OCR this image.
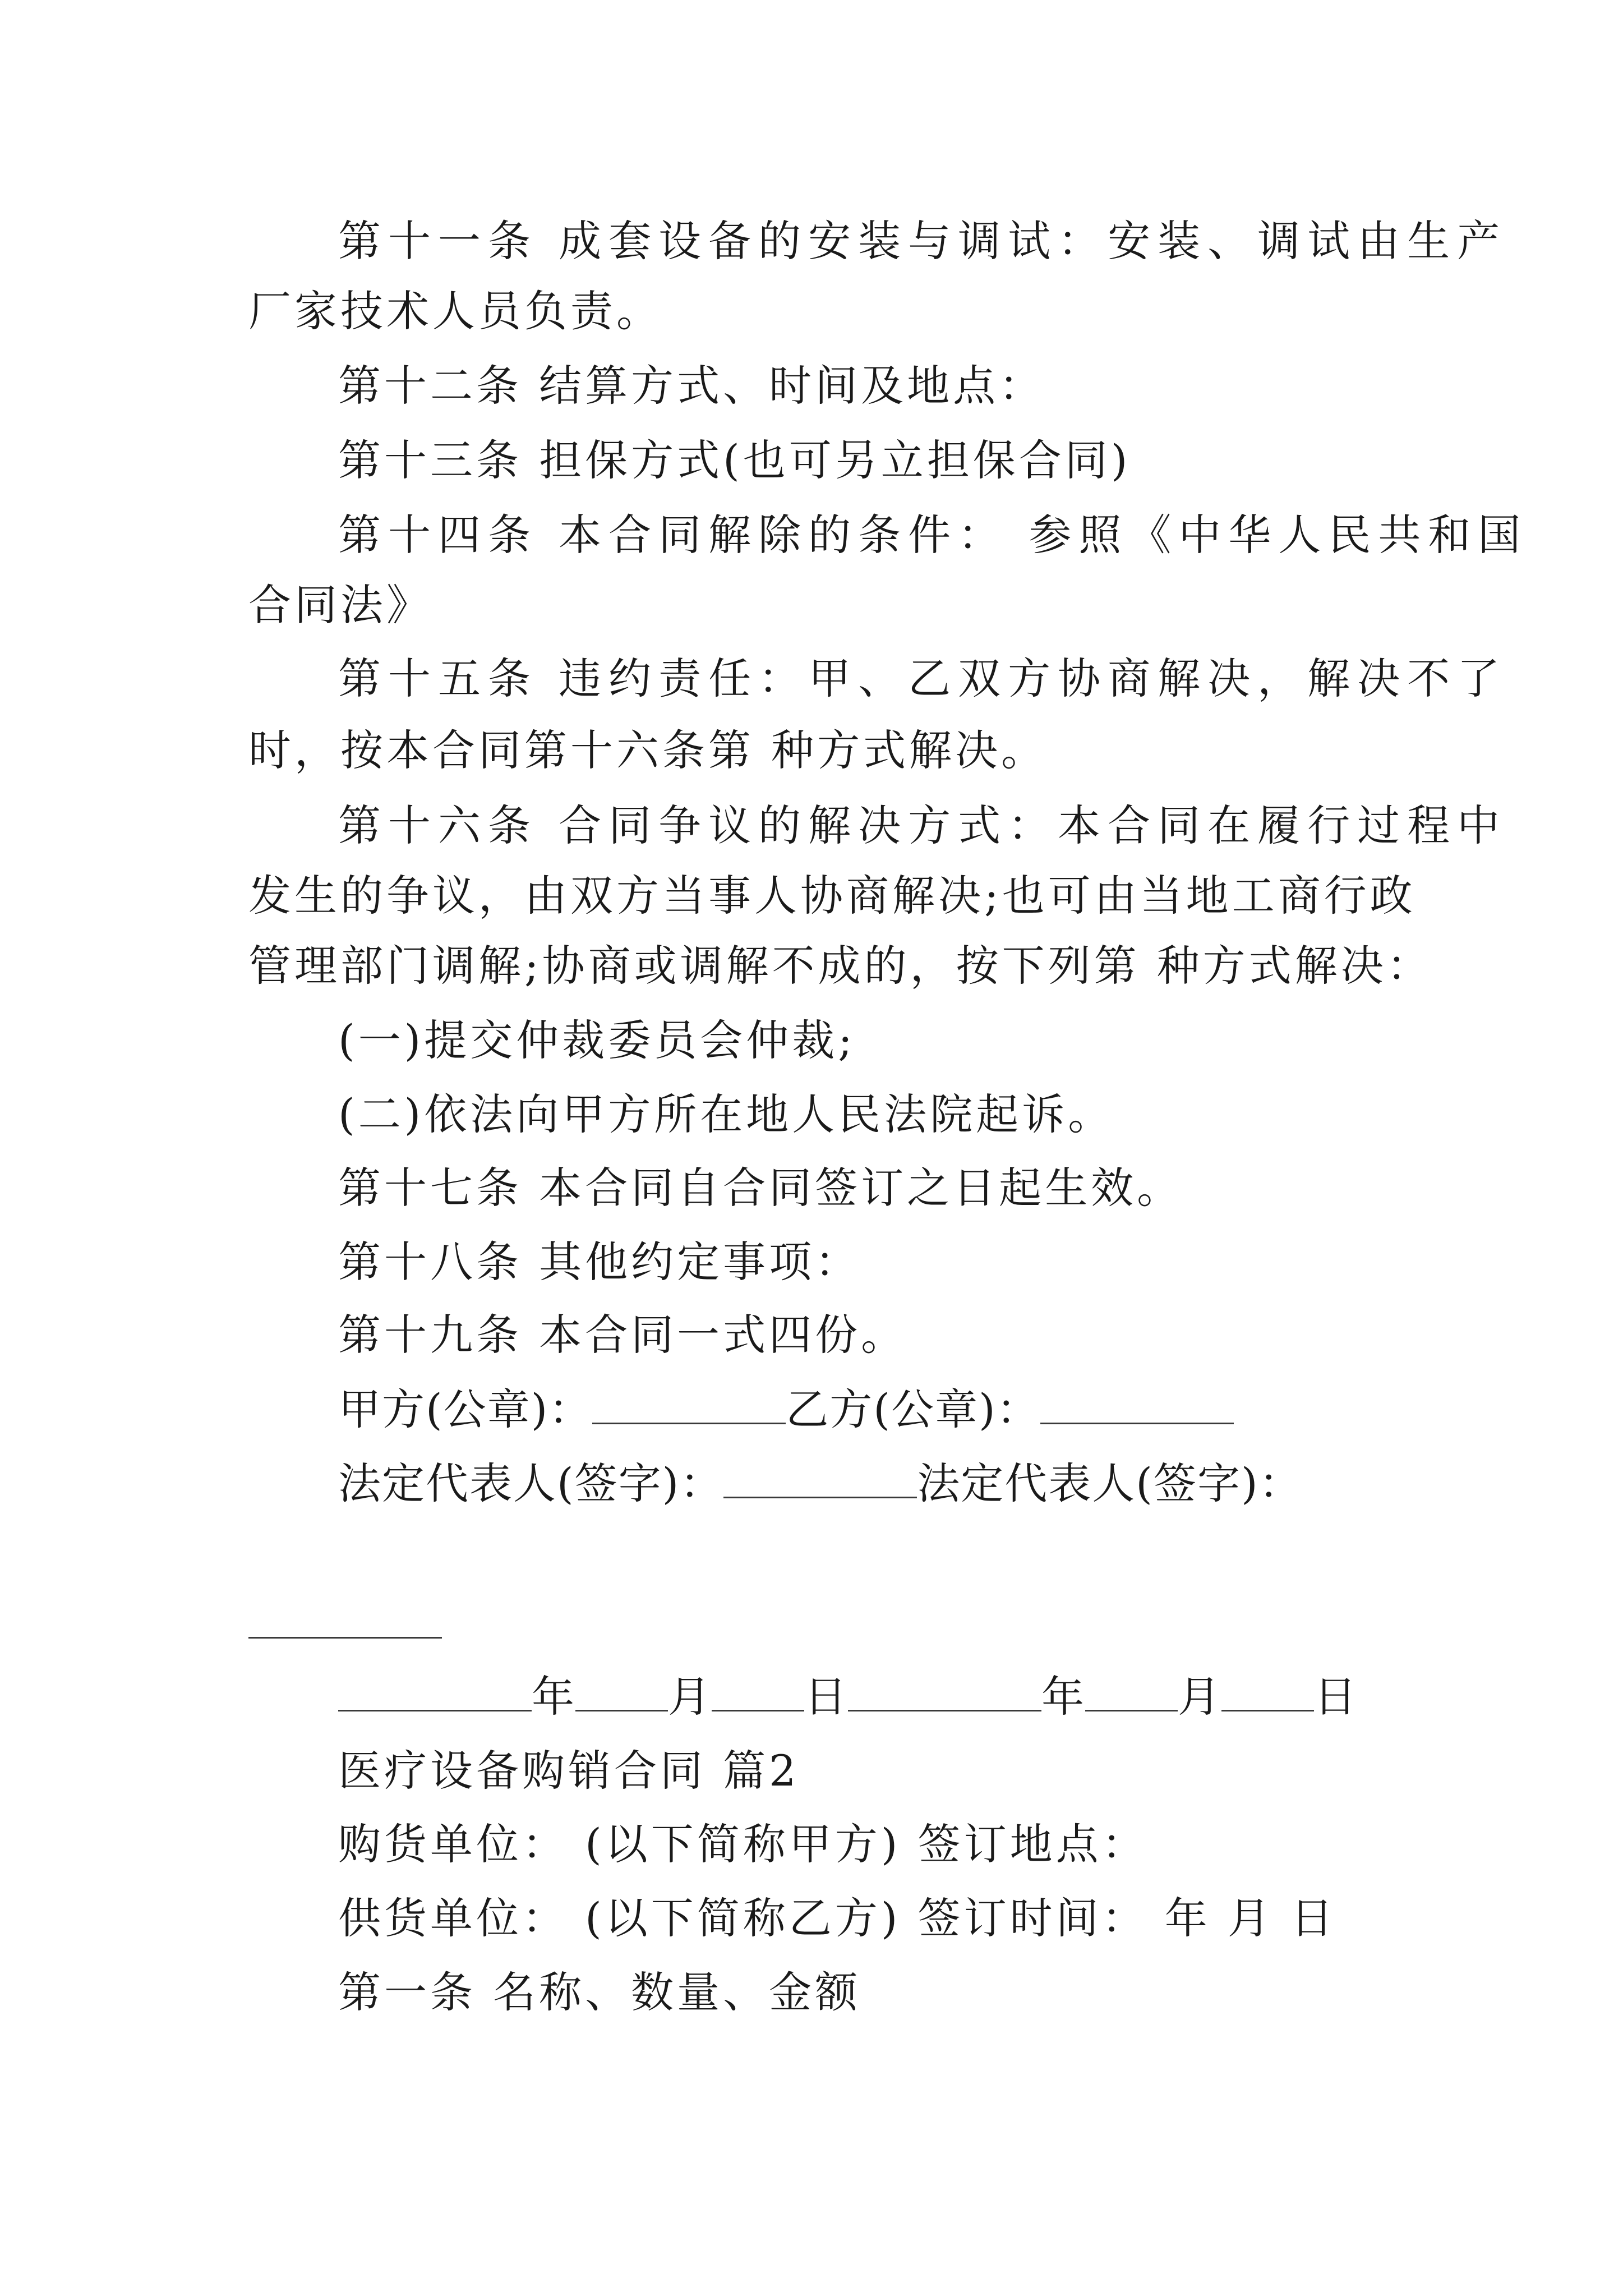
第十一条 成套设备的安装与调试：安装、调试由生产
厂家技术人员负责。
第十二条 结算方式、时间及地点：
第十三条 担保方式(也可另立担保合同)
第十四条 本合同解除的条件： 参照《中华人民共和国
合同法》
第十五条 违约责任：甲、乙双方协商解决，解决不了
时，按本合同第十六条第 种方式解决。
第十六条 合同争议的解决方式：本合同在履行过程中
发生的争议，由双方当事人协商解决;也可由当地工商行政
管理部门调解;协商或调解不成的，按下列第 种方式解决：
(一)提交仲裁委员会仲裁;
(二)依法向甲方所在地人民法院起诉。
第十七条 本合同自合同签订之日起生效。
第十八条 其他约定事项：
第十九条 本合同一式四份。
甲方(公章)：	乙方(公章)：
法定代表人(签字)：	法定代表人(签字)：
年 月 日	年 月 日
医疗设备购销合同 篇2
购货单位： (以下简称甲方) 签订地点：
供货单位： (以下简称乙方) 签订时间： 年 月 日
第一条 名称、数量、金额
